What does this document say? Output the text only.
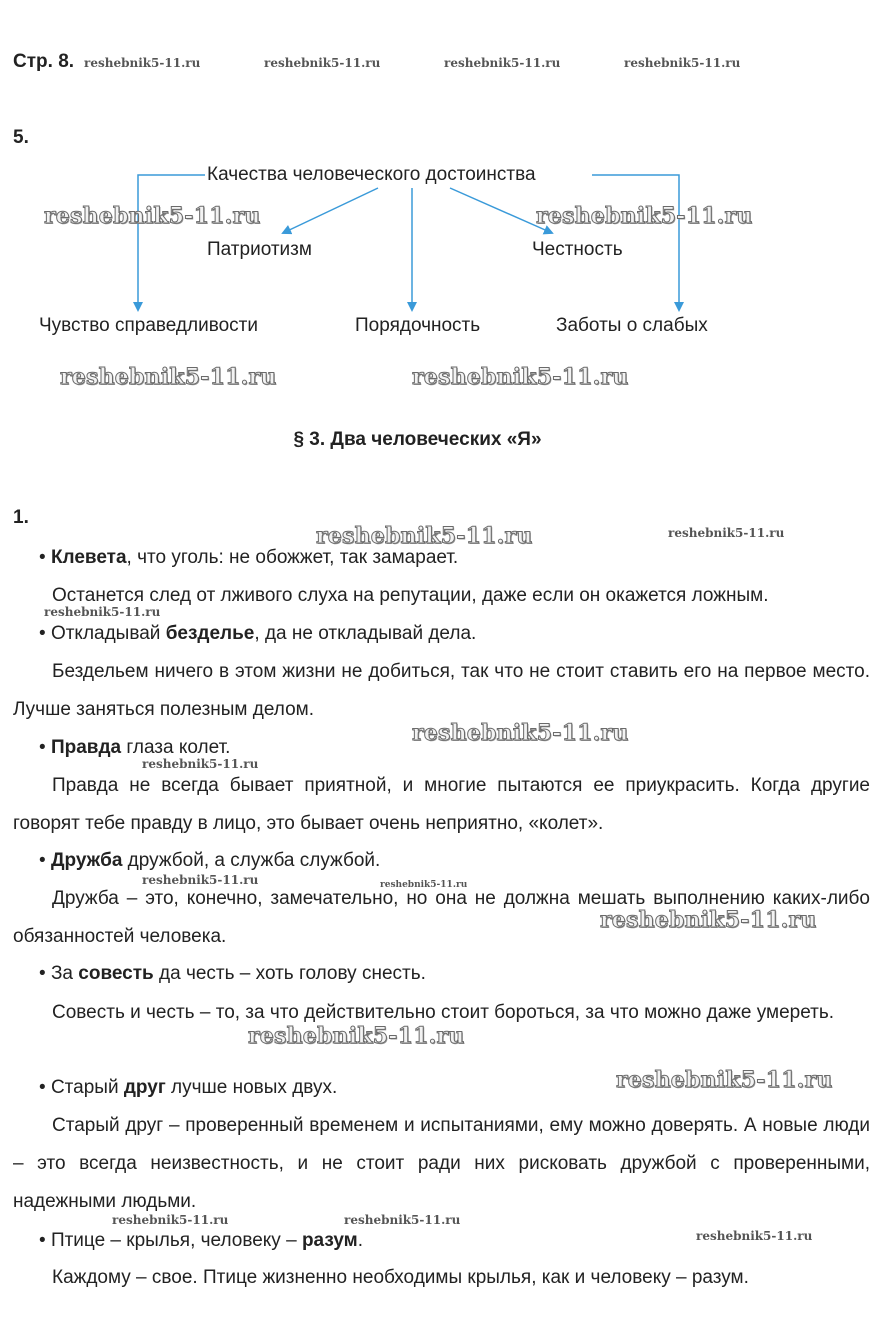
Стр. 8. reshebnik5-11.ru	reshebnik5-11.ru	reshebnik5-11.ru	reshebnik5-11.ru
5.
Качества человеческого достоинства
Патриотизм	Честность
Чувство справедливости	Порядочность	Заботы о слабых
reshebnik5-11.ru	reshebnik5-11.ru
reshebnik5-11.ru	reshebnik5-11.ru
§ 3. Два человеческих «Я»
1.
• Клевета, что уголь: не обожжет, так замарает.

Останется след от лживого слуха на репутации, даже если он окажется ложным.

• Откладывай безделье, да не откладывай дела.

Бездельем ничего в этом жизни не добиться, так что не стоит ставить его на первое место. Лучше заняться полезным делом.

• Правда глаза колет.

Правда не всегда бывает приятной, и многие пытаются ее приукрасить. Когда другие говорят тебе правду в лицо, это бывает очень неприятно, «колет».

• Дружба дружбой, а служба службой.

Дружба – это, конечно, замечательно, но она не должна мешать выполнению каких-либо обязанностей человека.

• За совесть да честь – хоть голову снесть.

Совесть и честь – то, за что действительно стоит бороться, за что можно даже умереть.

• Старый друг лучше новых двух.

Старый друг – проверенный временем и испытаниями, ему можно доверять. А новые люди – это всегда неизвестность, и не стоит ради них рисковать дружбой с проверенными, надежными людьми.

• Птице – крылья, человеку – разум.

Каждому – свое. Птице жизненно необходимы крылья, как и человеку – разум.

reshebnik5-11.ru	reshebnik5-11.ru
reshebnik5-11.ru
reshebnik5-11.ru
reshebnik5-11.ru
reshebnik5-11.ru	reshebnik5-11.ru
reshebnik5-11.ru
reshebnik5-11.ru
reshebnik5-11.ru
reshebnik5-11.ru	reshebnik5-11.ru
reshebnik5-11.ru
